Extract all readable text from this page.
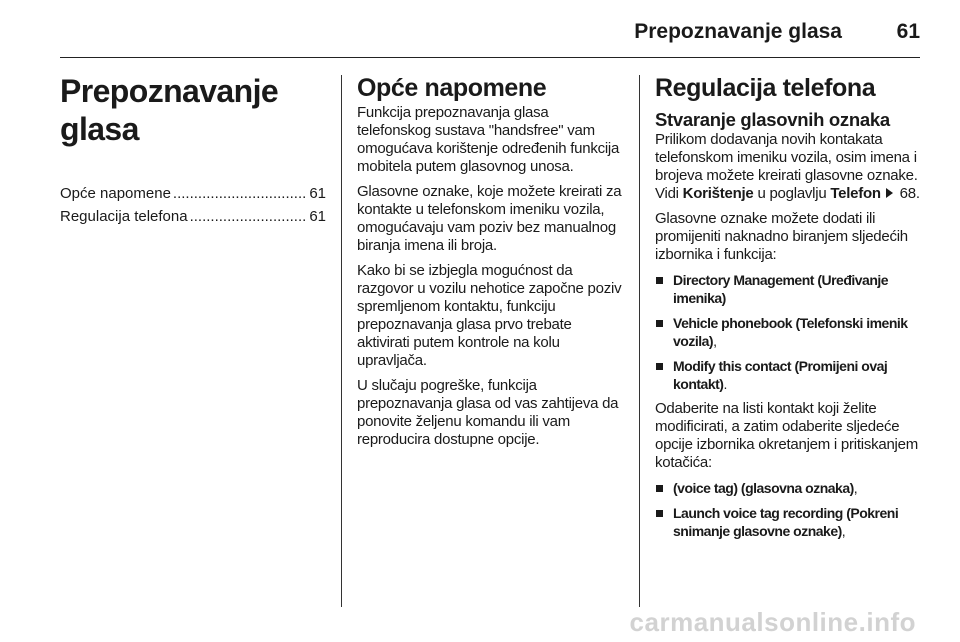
Prepoznavanje glasa	61
Prepoznavanje glasa
Opće napomene .....	61
Regulacija telefona .....	61
Opće napomene

Funkcija prepoznavanja glasa telefonskog sustava "handsfree" vam omogućava korištenje određenih funkcija mobitela putem glasovnog unosa.

Glasovne oznake, koje možete kreirati za kontakte u telefonskom imeniku vozila, omogućavaju vam poziv bez manualnog biranja imena ili broja.

Kako bi se izbjegla mogućnost da razgovor u vozilu nehotice započne poziv spremljenom kontaktu, funkciju prepoznavanja glasa prvo trebate aktivirati putem kontrole na kolu upravljača.

U slučaju pogreške, funkcija prepoznavanja glasa od vas zahtijeva da ponovite željenu komandu ili vam reproducira dostupne opcije.

Regulacija telefona
Stvaranje glasovnih oznaka

Prilikom dodavanja novih kontakata telefonskom imeniku vozila, osim imena i brojeva možete kreirati glasovne oznake. Vidi Korištenje u poglavlju Telefon  68.

Glasovne oznake možete dodati ili promijeniti naknadno biranjem sljedećih izbornika i funkcija:

Directory Management (Uređivanje imenika)
Vehicle phonebook (Telefonski imenik vozila),
Modify this contact (Promijeni ovaj kontakt).

Odaberite na listi kontakt koji želite modificirati, a zatim odaberite sljedeće opcije izbornika okretanjem i pritiskanjem kotačića:

(voice tag) (glasovna oznaka),
Launch voice tag recording (Pokreni snimanje glasovne oznake),
carmanualsonline.info
